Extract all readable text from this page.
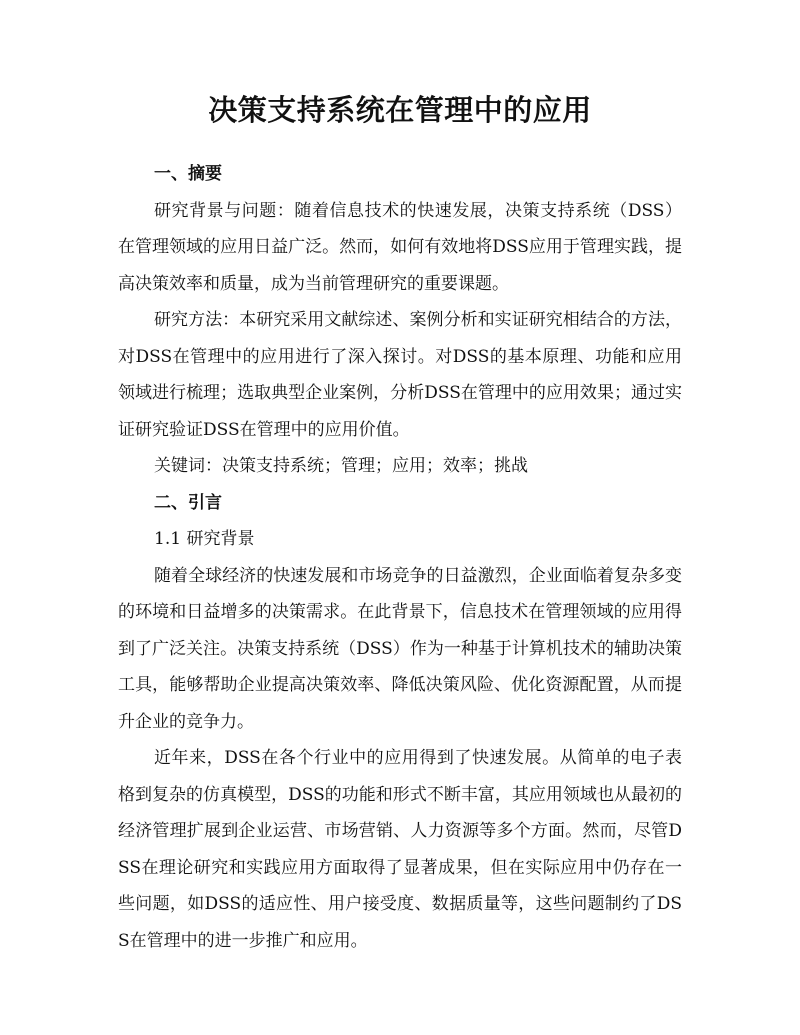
决策支持系统在管理中的应用

一、摘要

研究背景与问题：随着信息技术的快速发展，决策支持系统（DSS）在管理领域的应用日益广泛。然而，如何有效地将DSS应用于管理实践，提高决策效率和质量，成为当前管理研究的重要课题。

研究方法：本研究采用文献综述、案例分析和实证研究相结合的方法，对DSS在管理中的应用进行了深入探讨。对DSS的基本原理、功能和应用领域进行梳理；选取典型企业案例，分析DSS在管理中的应用效果；通过实证研究验证DSS在管理中的应用价值。

关键词：决策支持系统；管理；应用；效率；挑战

二、引言

1.1 研究背景

随着全球经济的快速发展和市场竞争的日益激烈，企业面临着复杂多变的环境和日益增多的决策需求。在此背景下，信息技术在管理领域的应用得到了广泛关注。决策支持系统（DSS）作为一种基于计算机技术的辅助决策工具，能够帮助企业提高决策效率、降低决策风险、优化资源配置，从而提升企业的竞争力。

近年来，DSS在各个行业中的应用得到了快速发展。从简单的电子表格到复杂的仿真模型，DSS的功能和形式不断丰富，其应用领域也从最初的经济管理扩展到企业运营、市场营销、人力资源等多个方面。然而，尽管DSS在理论研究和实践应用方面取得了显著成果，但在实际应用中仍存在一些问题，如DSS的适应性、用户接受度、数据质量等，这些问题制约了DSS在管理中的进一步推广和应用。
